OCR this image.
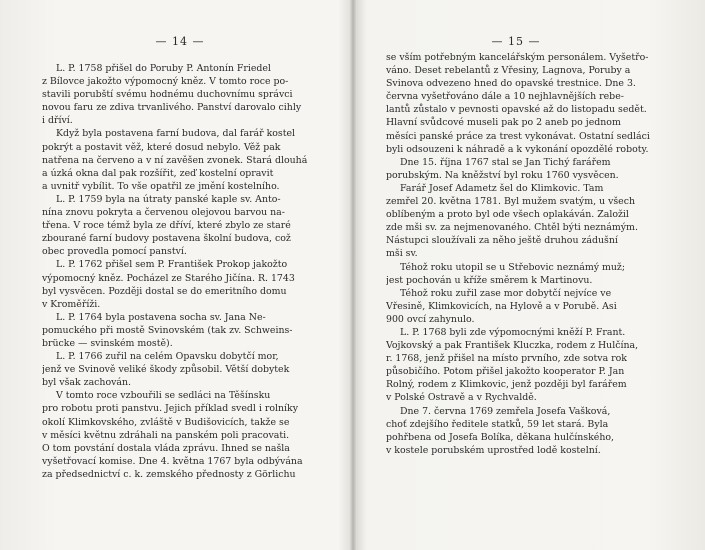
— 14 —
L. P. 1758 přišel do Poruby P. Antonín Friedel
z Bílovce jakožto výpomocný kněz. V tomto roce po-
stavili porubští svému hodnému duchovnímu správci
novou faru ze zdiva trvanlivého. Panství darovalo cihly
i dříví.
Když byla postavena farní budova, dal farář kostel
pokrýt a postavit věž, které dosud nebylo. Věž pak
natřena na červeno a v ní zavěšen zvonek. Stará dlouhá
a úzká okna dal pak rozšířit, zeď kostelní opravit
a uvnitř vybílit. To vše opatřil ze jmění kostelního.
L. P. 1759 byla na útraty panské kaple sv. Anto-
nína znovu pokryta a červenou olejovou barvou na-
třena. V roce témž byla ze dříví, které zbylo ze staré
zbourané farní budovy postavena školní budova, což
obec provedla pomocí panství.
L. P. 1762 přišel sem P. František Prokop jakožto
výpomocný kněz. Pocházel ze Starého Jičína. R. 1743
byl vysvěcen. Později dostal se do emeritního domu
v Kroměříži.
L. P. 1764 byla postavena socha sv. Jana Ne-
pomuckého při mostě Svinovském (tak zv. Schweins-
brücke — svinském mostě).
L. P. 1766 zuřil na celém Opavsku dobytčí mor,
jenž ve Svinově veliké škody způsobil. Větší dobytek
byl však zachován.
V tomto roce vzbouřili se sedláci na Těšínsku
pro robotu proti panstvu. Jejich příklad svedl i rolníky
okolí Klimkovského, zvláště v Budišovicích, takže se
v měsíci květnu zdráhali na panském poli pracovati.
O tom povstání dostala vláda zprávu. Ihned se našla
vyšetřovací komise. Dne 4. května 1767 byla odbývána
za předsednictví c. k. zemského přednosty z Görlichu
— 15 —
se vším potřebným kancelářským personálem. Vyšetřo-
váno. Deset rebelantů z Vřesiny, Lagnova, Poruby a
Svinova odvezeno hned do opavské trestnice. Dne 3.
června vyšetřováno dále a 10 nejhlavnějších rebe-
lantů zůstalo v pevnosti opavské až do listopadu sedět.
Hlavní svůdcové museli pak po 2 aneb po jednom
měsíci panské práce za trest vykonávat. Ostatní sedláci
byli odsouzeni k náhradě a k vykonání opozdělé roboty.
Dne 15. října 1767 stal se Jan Tichý farářem
porubským. Na kněžství byl roku 1760 vysvěcen.
Farář Josef Adametz šel do Klimkovic. Tam
zemřel 20. května 1781. Byl mužem svatým, u všech
oblíbeným a proto byl ode všech oplakáván. Založil
zde mši sv. za nejmenovaného. Chtěl býti neznámým.
Nástupci sloužívali za něho ještě druhou zádušní
mši sv.
Téhož roku utopil se u Střebovic neznámý muž;
jest pochován u kříže směrem k Martinovu.
Téhož roku zuřil zase mor dobytčí nejvíce ve
Vřesině, Klimkovicích, na Hylově a v Porubě. Asi
900 ovcí zahynulo.
L. P. 1768 byli zde výpomocnými kněží P. Frant.
Vojkovský a pak František Kluczka, rodem z Hulčína,
r. 1768, jenž přišel na místo prvního, zde sotva rok
působičího. Potom přišel jakožto kooperator P. Jan
Rolný, rodem z Klimkovic, jenž později byl farářem
v Polské Ostravě a v Rychvaldě.
Dne 7. června 1769 zemřela Josefa Vašková,
choť zdejšího ředitele statků, 59 let stará. Byla
pohřbena od Josefa Bolíka, děkana hulčínského,
v kostele porubském uprostřed lodě kostelní.
